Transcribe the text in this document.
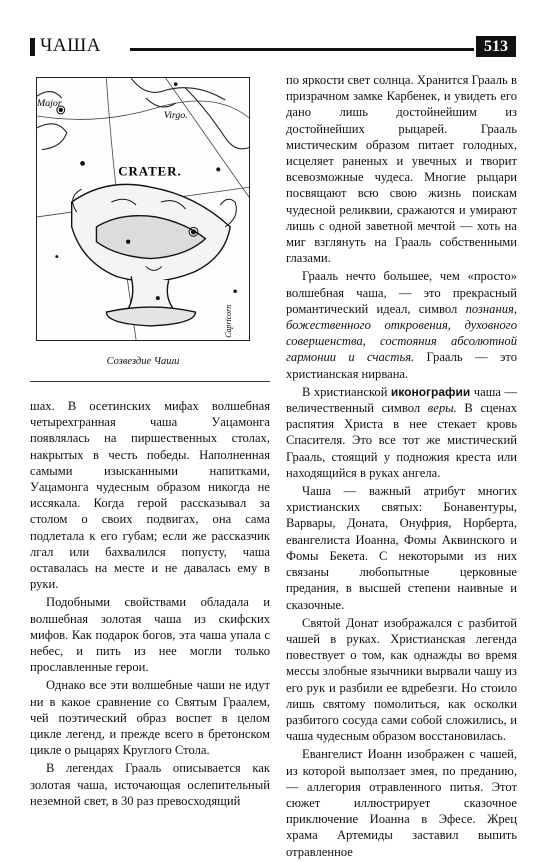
ЧАША	513
CRATER.
Virgo.
Major
Capricorn
Созвездие Чаши

шах. В осетинских мифах волшебная четырехгранная чаша Уацамонга появлялась на пиршественных столах, накрытых в честь победы. Наполненная самыми изысканными напитками, Уацамонга чудесным образом никогда не иссякала. Когда герой рассказывал за столом о своих подвигах, она сама подлетала к его губам; если же рассказчик лгал или бахвалился попусту, чаша оставалась на месте и не давалась ему в руки.

Подобными свойствами обладала и волшебная золотая чаша из скифских мифов. Как подарок богов, эта чаша упала с небес, и пить из нее могли только прославленные герои.

Однако все эти волшебные чаши не идут ни в какое сравнение со Святым Граалем, чей поэтический образ воспет в целом цикле легенд, и прежде всего в бретонском цикле о рыцарях Круглого Стола.

В легендах Грааль описывается как золотая чаша, источающая ослепительный неземной свет, в 30 раз превосходящий

по яркости свет солнца. Хранится Грааль в призрачном замке Карбенек, и увидеть его дано лишь достойнейшим из достойнейших рыцарей. Грааль мистическим образом питает голодных, исцеляет раненых и увечных и творит всевозможные чудеса. Многие рыцари посвящают всю свою жизнь поискам чудесной реликвии, сражаются и умирают лишь с одной заветной мечтой — хоть на миг взглянуть на Грааль собственными глазами.

Грааль нечто большее, чем «просто» волшебная чаша, — это прекрасный романтический идеал, символ познания, божественного откровения, духовного совершенства, состояния абсолютной гармонии и счастья. Грааль — это христианская нирвана.

В христианской иконографии чаша — величественный символ веры. В сценах распятия Христа в нее стекает кровь Спасителя. Это все тот же мистический Грааль, стоящий у подножия креста или находящийся в руках ангела.

Чаша — важный атрибут многих христианских святых: Бонавентуры, Варвары, Доната, Онуфрия, Норберта, евангелиста Иоанна, Фомы Аквинского и Фомы Бекета. С некоторыми из них связаны любопытные церковные предания, в высшей степени наивные и сказочные.

Святой Донат изображался с разбитой чашей в руках. Христианская легенда повествует о том, как однажды во время мессы злобные язычники вырвали чашу из его рук и разбили ее вдребезги. Но стоило лишь святому помолиться, как осколки разбитого сосуда сами собой сложились, и чаша чудесным образом восстановилась.

Евангелист Иоанн изображен с чашей, из которой выползает змея, по преданию, — аллегория отравленного питья. Этот сюжет иллюстрирует сказочное приключение Иоанна в Эфесе. Жрец храма Артемиды заставил выпить отравленное
